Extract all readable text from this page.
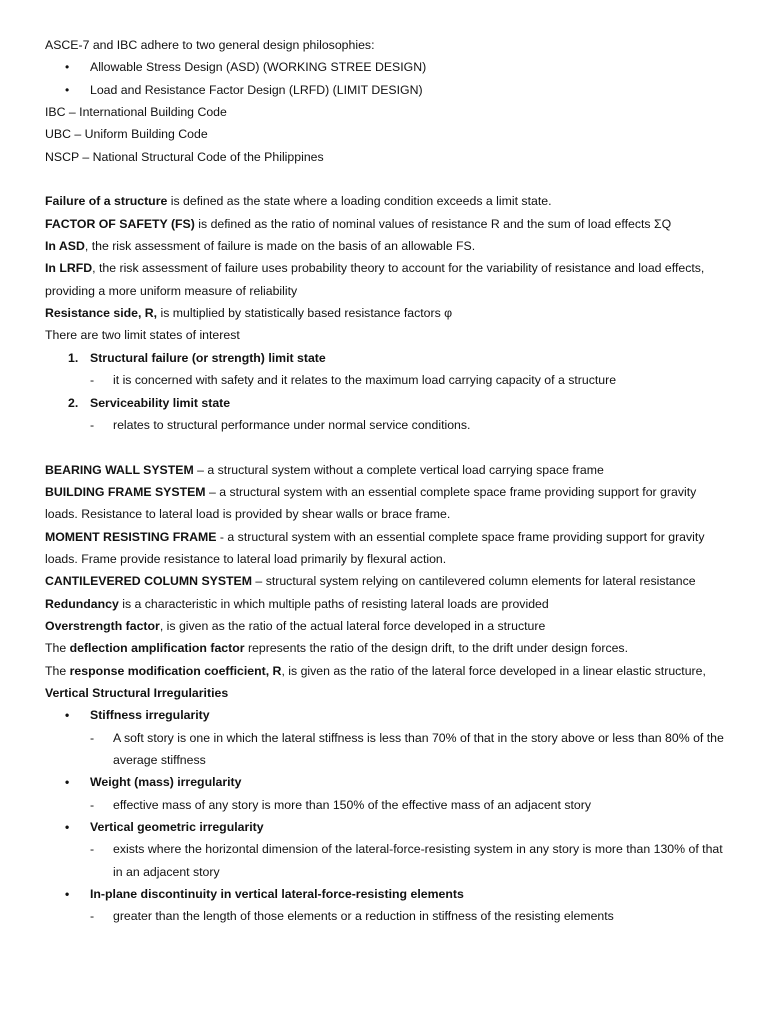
ASCE-7 and IBC adhere to two general design philosophies:
• Allowable Stress Design (ASD) (WORKING STREE DESIGN)
• Load and Resistance Factor Design (LRFD) (LIMIT DESIGN)
IBC – International Building Code
UBC – Uniform Building Code
NSCP – National Structural Code of the Philippines
Failure of a structure is defined as the state where a loading condition exceeds a limit state.
FACTOR OF SAFETY (FS) is defined as the ratio of nominal values of resistance R and the sum of load effects ΣQ
In ASD, the risk assessment of failure is made on the basis of an allowable FS.
In LRFD, the risk assessment of failure uses probability theory to account for the variability of resistance and load effects, providing a more uniform measure of reliability
Resistance side, R, is multiplied by statistically based resistance factors φ
There are two limit states of interest
1. Structural failure (or strength) limit state
- it is concerned with safety and it relates to the maximum load carrying capacity of a structure
2. Serviceability limit state
- relates to structural performance under normal service conditions.
BEARING WALL SYSTEM – a structural system without a complete vertical load carrying space frame
BUILDING FRAME SYSTEM – a structural system with an essential complete space frame providing support for gravity loads. Resistance to lateral load is provided by shear walls or brace frame.
MOMENT RESISTING FRAME - a structural system with an essential complete space frame providing support for gravity loads. Frame provide resistance to lateral load primarily by flexural action.
CANTILEVERED COLUMN SYSTEM – structural system relying on cantilevered column elements for lateral resistance
Redundancy is a characteristic in which multiple paths of resisting lateral loads are provided
Overstrength factor, is given as the ratio of the actual lateral force developed in a structure
The deflection amplification factor represents the ratio of the design drift, to the drift under design forces.
The response modification coefficient, R, is given as the ratio of the lateral force developed in a linear elastic structure,
Vertical Structural Irregularities
• Stiffness irregularity
- A soft story is one in which the lateral stiffness is less than 70% of that in the story above or less than 80% of the average stiffness
• Weight (mass) irregularity
- effective mass of any story is more than 150% of the effective mass of an adjacent story
• Vertical geometric irregularity
- exists where the horizontal dimension of the lateral-force-resisting system in any story is more than 130% of that in an adjacent story
• In-plane discontinuity in vertical lateral-force-resisting elements
- greater than the length of those elements or a reduction in stiffness of the resisting elements
